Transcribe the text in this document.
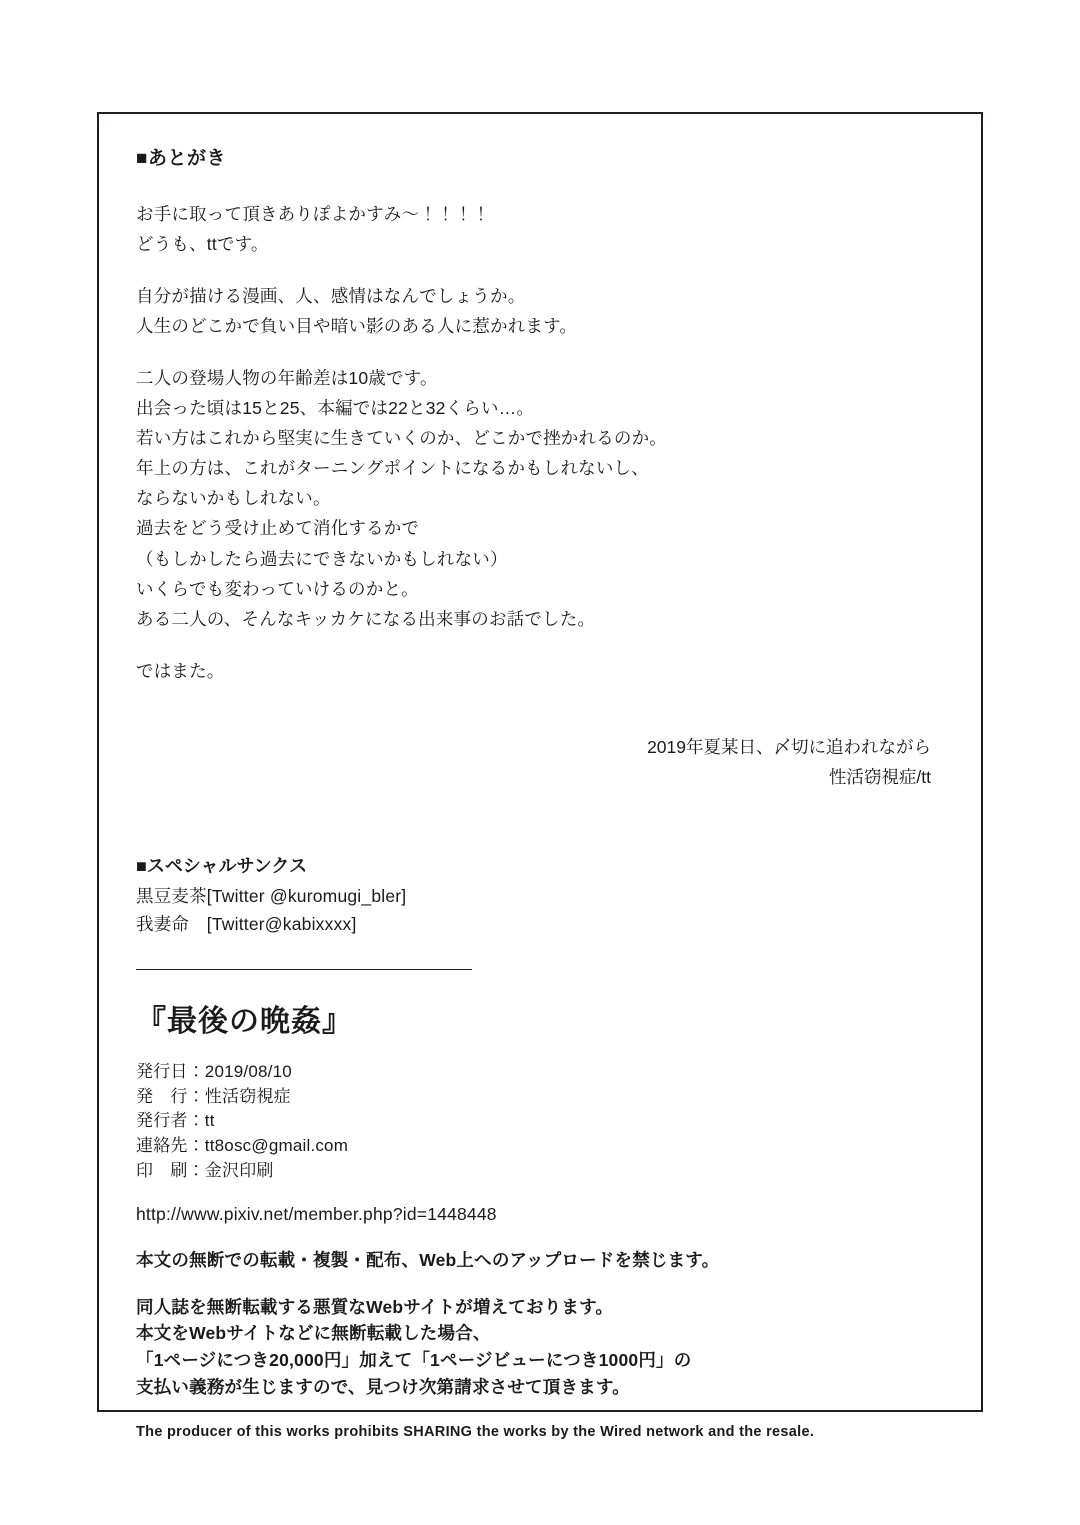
■あとがき
お手に取って頂きありぽよかすみ～！！！！
どうも、ttです。
自分が描ける漫画、人、感情はなんでしょうか。
人生のどこかで負い目や暗い影のある人に惹かれます。
二人の登場人物の年齢差は10歳です。
出会った頃は15と25、本編では22と32くらい…。
若い方はこれから堅実に生きていくのか、どこかで挫かれるのか。
年上の方は、これがターニングポイントになるかもしれないし、
ならないかもしれない。
過去をどう受け止めて消化するかで
（もしかしたら過去にできないかもしれない）
いくらでも変わっていけるのかと。
ある二人の、そんなキッカケになる出来事のお話でした。
ではまた。
2019年夏某日、〆切に追われながら
性活窃視症/tt
■スペシャルサンクス
黒豆麦茶[Twitter @kuromugi_bler]
我妻命　[Twitter@kabixxxx]
『最後の晩姦』
発行日：2019/08/10
発　行：性活窃視症
発行者：tt
連絡先：tt8osc@gmail.com
印　刷：金沢印刷
http://www.pixiv.net/member.php?id=1448448
本文の無断での転載・複製・配布、Web上へのアップロードを禁じます。
同人誌を無断転載する悪質なWebサイトが増えております。
本文をWebサイトなどに無断転載した場合、
「1ページにつき20,000円」加えて「1ページビューにつき1000円」の
支払い義務が生じますので、見つけ次第請求させて頂きます。
The producer of this works prohibits SHARING the works by the Wired network and the resale.
